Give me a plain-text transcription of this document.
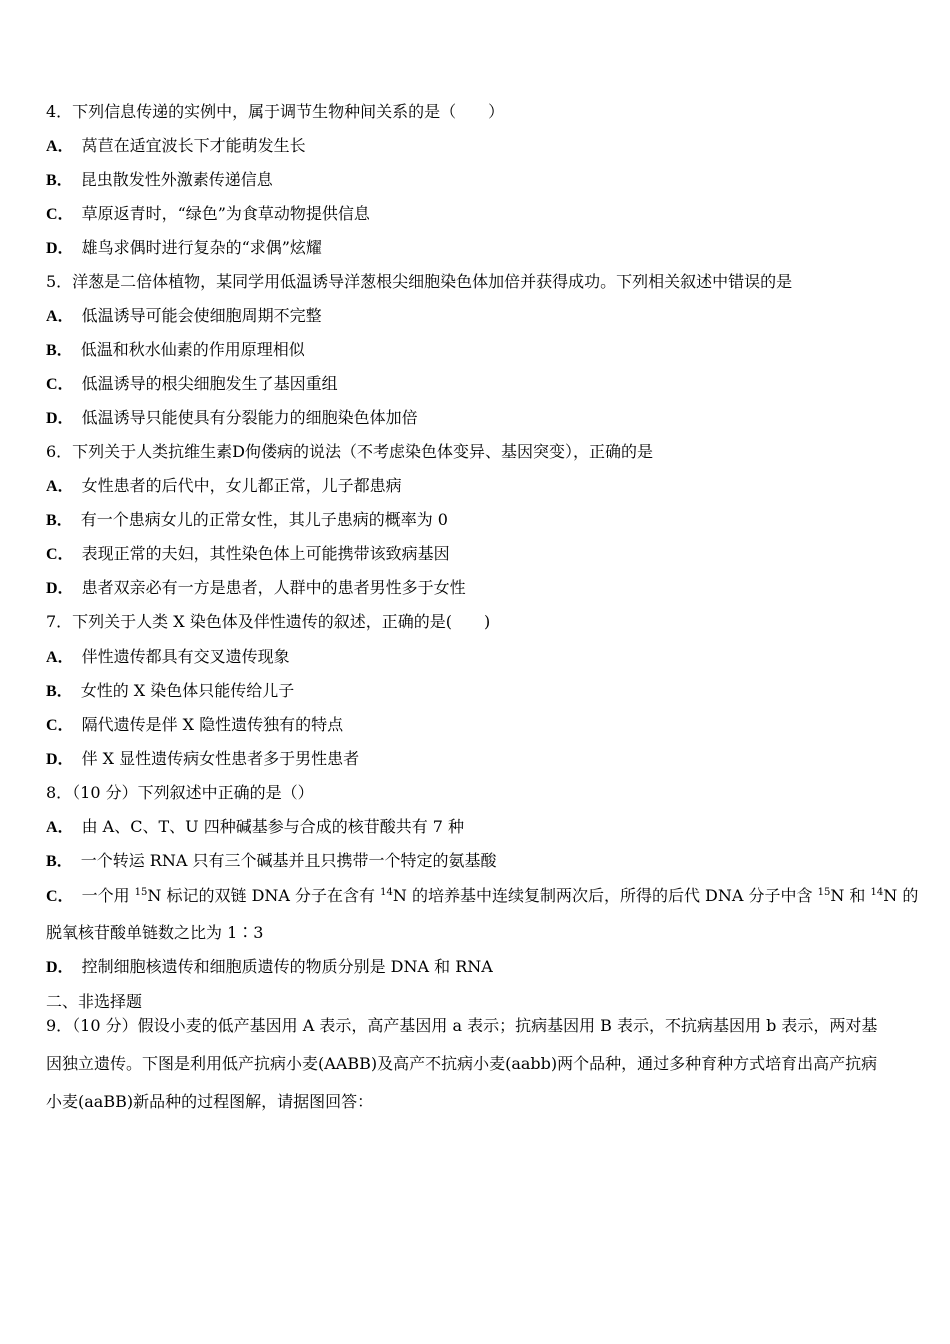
4．下列信息传递的实例中，属于调节生物种间关系的是（　　）
A． 莴苣在适宜波长下才能萌发生长
B． 昆虫散发性外激素传递信息
C． 草原返青时，“绿色”为食草动物提供信息
D． 雄鸟求偶时进行复杂的“求偶”炫耀
5．洋葱是二倍体植物，某同学用低温诱导洋葱根尖细胞染色体加倍并获得成功。下列相关叙述中错误的是
A． 低温诱导可能会使细胞周期不完整
B． 低温和秋水仙素的作用原理相似
C． 低温诱导的根尖细胞发生了基因重组
D． 低温诱导只能使具有分裂能力的细胞染色体加倍
6．下列关于人类抗维生素D佝偻病的说法（不考虑染色体变异、基因突变），正确的是
A． 女性患者的后代中，女儿都正常，儿子都患病
B． 有一个患病女儿的正常女性，其儿子患病的概率为 0
C． 表现正常的夫妇，其性染色体上可能携带该致病基因
D． 患者双亲必有一方是患者，人群中的患者男性多于女性
7．下列关于人类 X 染色体及伴性遗传的叙述，正确的是(　　)
A． 伴性遗传都具有交叉遗传现象
B． 女性的 X 染色体只能传给儿子
C． 隔代遗传是伴 X 隐性遗传独有的特点
D． 伴 X 显性遗传病女性患者多于男性患者
8．（10 分）下列叙述中正确的是（）
A． 由 A、C、T、U 四种碱基参与合成的核苷酸共有 7 种
B． 一个转运 RNA 只有三个碱基并且只携带一个特定的氨基酸
C． 一个用 $^{15}$N 标记的双链 DNA 分子在含有 $^{14}$N 的培养基中连续复制两次后，所得的后代 DNA 分子中含 $^{15}$N 和 $^{14}$N 的
脱氧核苷酸单链数之比为 1∶3
D． 控制细胞核遗传和细胞质遗传的物质分别是 DNA 和 RNA
二、非选择题
9．（10 分）假设小麦的低产基因用 A 表示，高产基因用 a 表示；抗病基因用 B 表示，不抗病基因用 b 表示，两对基
因独立遗传。下图是利用低产抗病小麦(AABB)及高产不抗病小麦(aabb)两个品种，通过多种育种方式培育出高产抗病
小麦(aaBB)新品种的过程图解，请据图回答：
